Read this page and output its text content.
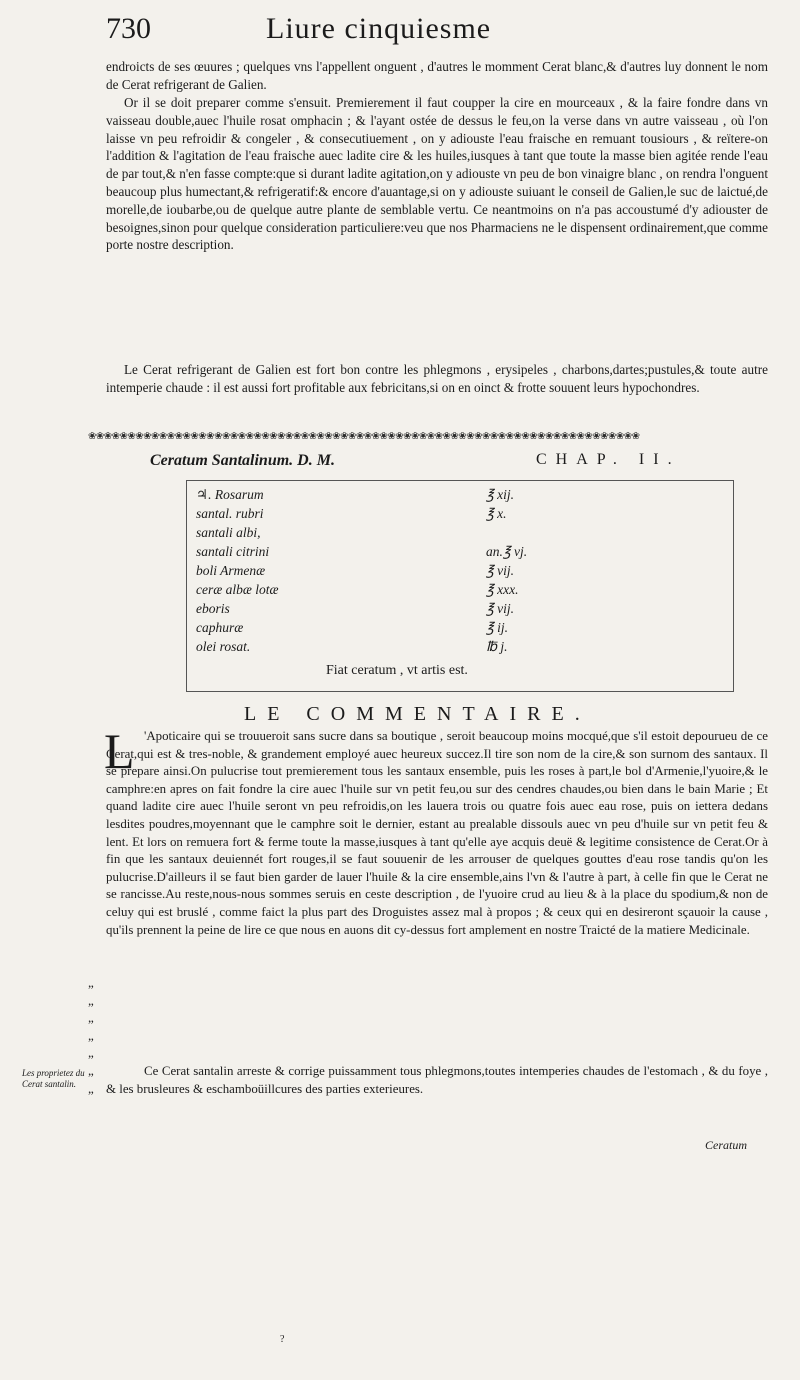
730	Liure cinquiesme

endroicts de ses œuures ; quelques vns l'appellent onguent , d'autres le momment Cerat blanc,& d'autres luy donnent le nom de Cerat refrigerant de Galien.

Or il se doit preparer comme s'ensuit. Premierement il faut coupper la cire en mourceaux , & la faire fondre dans vn vaisseau double,auec l'huile rosat omphacin ; & l'ayant ostée de dessus le feu,on la verse dans vn autre vaisseau , où l'on laisse vn peu refroidir & congeler , & consecutiuement , on y adiouste l'eau fraische en remuant tousiours , & reïtere-on l'addition & l'agitation de l'eau fraische auec ladite cire & les huiles,iusques à tant que toute la masse bien agitée rende l'eau de par tout,& n'en fasse compte:que si durant ladite agitation,on y adiouste vn peu de bon vinaigre blanc , on rendra l'onguent beaucoup plus humectant,& refrigeratif:& encore d'auantage,si on y adiouste suiuant le conseil de Galien,le suc de laictué,de morelle,de ioubarbe,ou de quelque autre plante de semblable vertu. Ce neantmoins on n'a pas accoustumé d'y adiouster de besoignes,sinon pour quelque consideration particuliere:veu que nos Pharmaciens ne le dispensent ordinairement,que comme porte nostre description.

Le Cerat refrigerant de Galien est fort bon contre les phlegmons , erysipeles , charbons,dartes;pustules,& toute autre intemperie chaude : il est aussi fort profitable aux febricitans,si on en oinct & frotte souuent leurs hypochondres.

❀❀❀❀❀❀❀❀❀❀❀❀❀❀❀❀❀❀❀❀❀❀❀❀❀❀❀❀❀❀❀❀❀❀❀❀❀❀❀❀❀❀❀❀❀❀❀❀❀❀❀❀❀❀❀❀❀❀❀❀❀❀❀❀❀❀❀❀❀❀
Ceratum Santalinum. D. M.	CHAP. II.
♃. Rosarum	℥ xij.
santal. rubri	℥ x.
santali albi,
santali citrini	an.℥ vj.
boli Armenæ	℥ vij.
ceræ albæ lotæ	℥ xxx.
eboris	℥ vij.
caphuræ	℥ ij.
olei rosat.	℔ j.
Fiat ceratum , vt artis est.
LE COMMENTAIRE.
L 'Apoticaire qui se trouueroit sans sucre dans sa boutique , seroit beaucoup moins mocqué,que s'il estoit depourueu de ce Cerat,qui est & tres-noble, & grandement employé auec heureux succez.Il tire son nom de la cire,& son surnom des santaux. Il se prepare ainsi.On pulucrise tout premierement tous les santaux ensemble, puis les roses à part,le bol d'Armenie,l'yuoire,& le camphre:en apres on fait fondre la cire auec l'huile sur vn petit feu,ou sur des cendres chaudes,ou bien dans le bain Marie ; Et quand ladite cire auec l'huile seront vn peu refroidis,on les lauera trois ou quatre fois auec eau rose, puis on iettera dedans lesdites poudres,moyennant que le camphre soit le dernier, estant au prealable dissouls auec vn peu d'huile sur vn petit feu & lent. Et lors on remuera fort & ferme toute la masse,iusques à tant qu'elle aye acquis deuë & legitime consistence de Cerat.Or à fin que les santaux deuiennét fort rouges,il se faut souuenir de les arrouser de quelques gouttes d'eau rose tandis qu'on les pulucrise.D'ailleurs il se faut bien garder de lauer l'huile & la cire ensemble,ains l'vn & l'autre à part, à celle fin que le Cerat ne se rancisse.Au reste,nous-nous sommes seruis en ceste description , de l'yuoire crud au lieu & à la place du spodium,& non de celuy qui est bruslé , comme faict la plus part des Droguistes assez mal à propos ; & ceux qui en desireront sçauoir la cause , qu'ils prennent la peine de lire ce que nous en auons dit cy-dessus fort amplement en nostre Traicté de la matiere Medicinale.

„
„
„
„
„
„
„
Les proprietez du Cerat santalin.

Ce Cerat santalin arreste & corrige puissamment tous phlegmons,toutes intemperies chaudes de l'estomach , & du foye , & les brusleures & eschamboüillcures des parties exterieures.

Ceratum
?
